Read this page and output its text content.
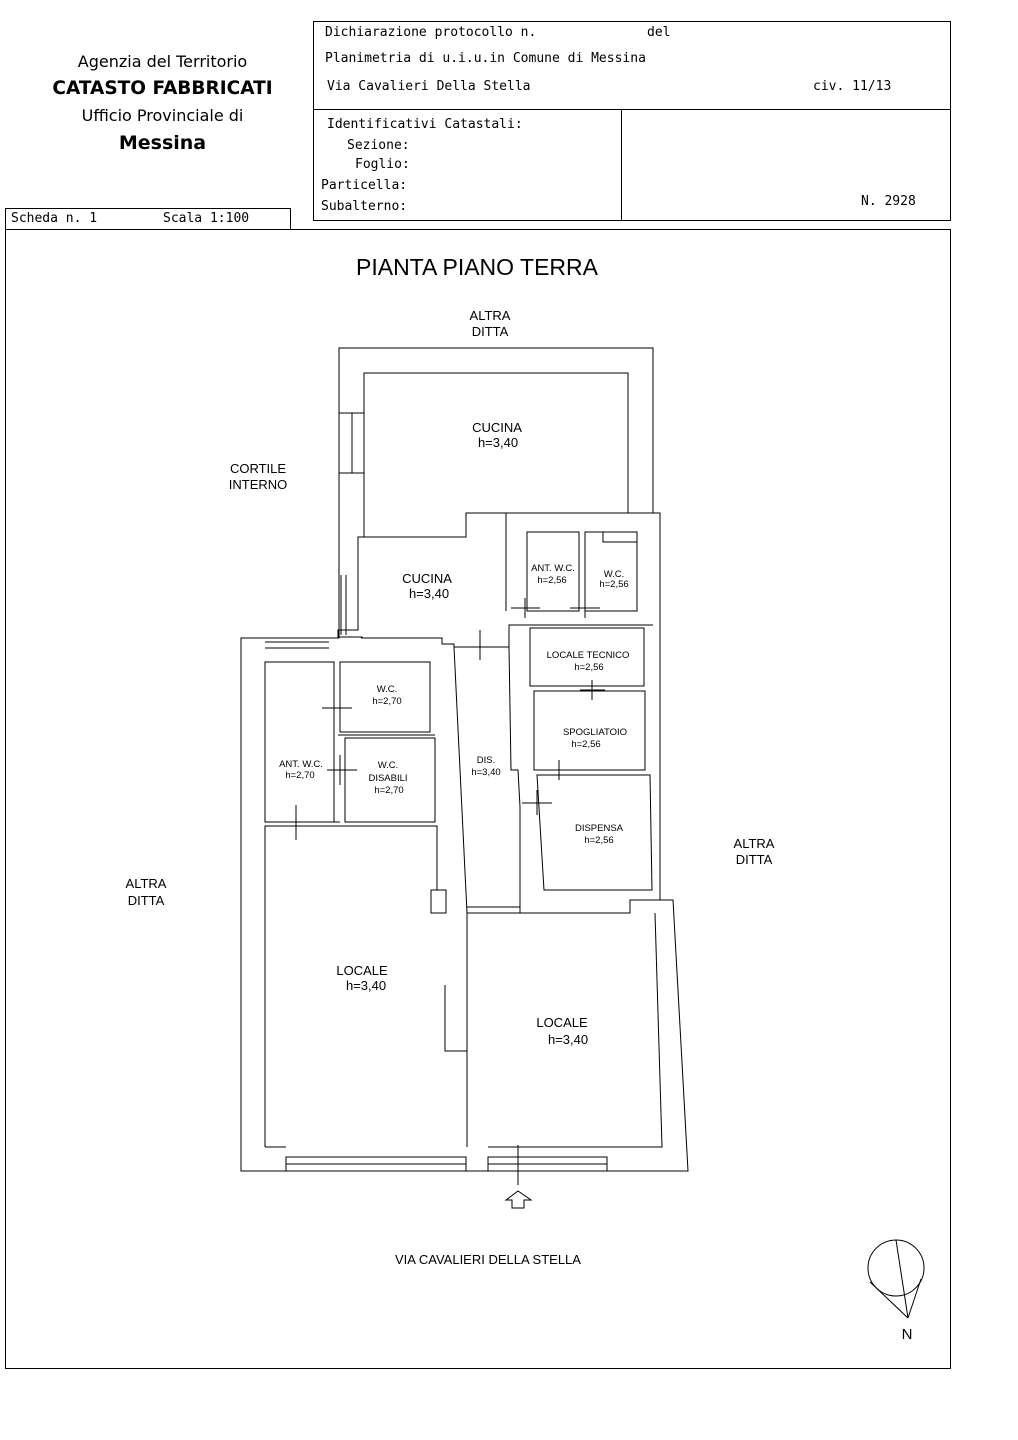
Agenzia del Territorio
CATASTO FABBRICATI
Ufficio Provinciale di
Messina
Scheda n. 1	Scala 1:100
Dichiarazione protocollo n.	del
Planimetria di u.i.u.in Comune di Messina
Via Cavalieri Della Stella	civ. 11/13
Identificativi Catastali:
Sezione:
Foglio:
Particella:
Subalterno:	N. 2928
PIANTA PIANO TERRA
ALTRA
DITTA
CORTILE
INTERNO
ALTRA
DITTA
ALTRA
DITTA
VIA CAVALIERI DELLA STELLA
N
CUCINA
h=3,40
CUCINA
h=3,40
ANT. W.C.
h=2,56
W.C.
h=2,56
LOCALE TECNICO
h=2,56
SPOGLIATOIO
h=2,56
DISPENSA
h=2,56
DIS.
h=3,40
W.C.
h=2,70
ANT. W.C.
h=2,70
W.C.
DISABILI
h=2,70
LOCALE
h=3,40
LOCALE
h=3,40
